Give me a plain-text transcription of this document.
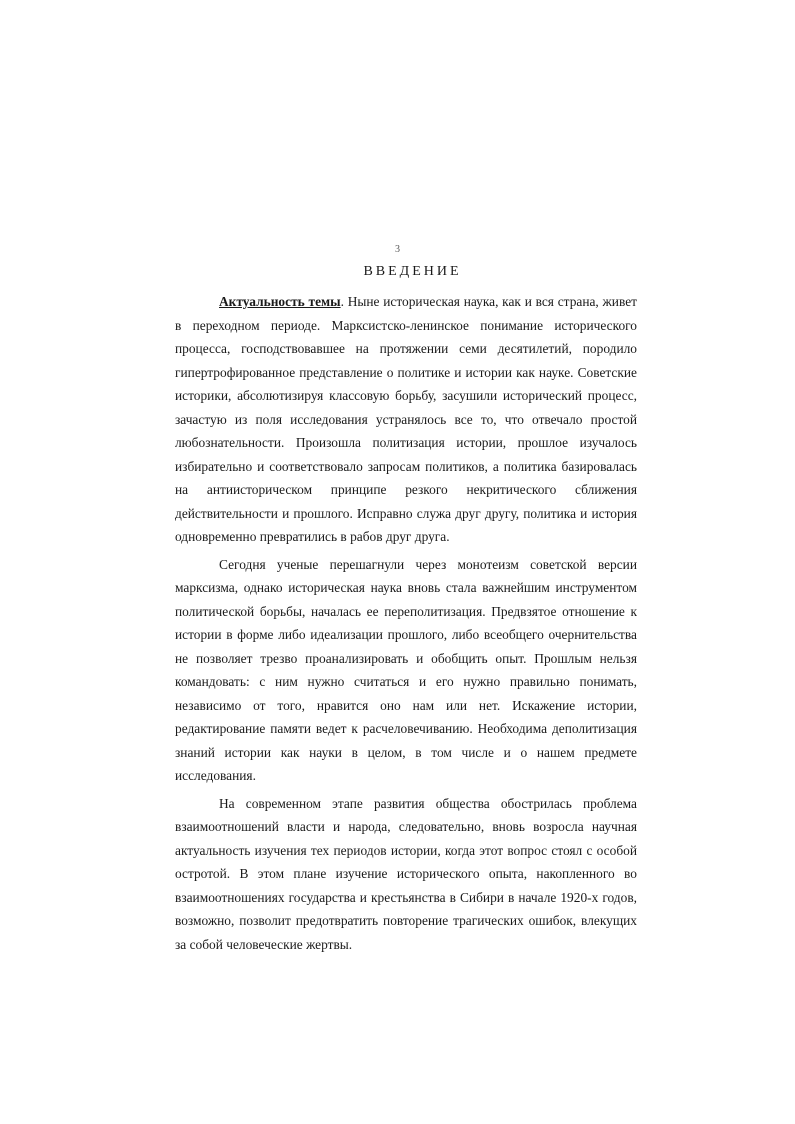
3
ВВЕДЕНИЕ

Актуальность темы. Ныне историческая наука, как и вся страна, живет в переходном периоде. Марксистско-ленинское понимание исторического процесса, господствовавшее на протяжении семи десятилетий, породило гипертрофированное представление о политике и истории как науке. Советские историки, абсолютизируя классовую борьбу, засушили исторический процесс, зачастую из поля исследования устранялось все то, что отвечало простой любознательности. Произошла политизация истории, прошлое изучалось избирательно и соответствовало запросам политиков, а политика базировалась на антиисторическом принципе резкого некритического сближения действительности и прошлого. Исправно служа друг другу, политика и история одновременно превратились в рабов друг друга.

Сегодня ученые перешагнули через монотеизм советской версии марксизма, однако историческая наука вновь стала важнейшим инструментом политической борьбы, началась ее переполитизация. Предвзятое отношение к истории в форме либо идеализации прошлого, либо всеобщего очернительства не позволяет трезво проанализировать и обобщить опыт. Прошлым нельзя командовать: с ним нужно считаться и его нужно правильно понимать, независимо от того, нравится оно нам или нет. Искажение истории, редактирование памяти ведет к расчеловечиванию. Необходима деполитизация знаний истории как науки в целом, в том числе и о нашем предмете исследования.

На современном этапе развития общества обострилась проблема взаимоотношений власти и народа, следовательно, вновь возросла научная актуальность изучения тех периодов истории, когда этот вопрос стоял с особой остротой. В этом плане изучение исторического опыта, накопленного во взаимоотношениях государства и крестьянства в Сибири в начале 1920-х годов, возможно, позволит предотвратить повторение трагических ошибок, влекущих за собой человеческие жертвы.
